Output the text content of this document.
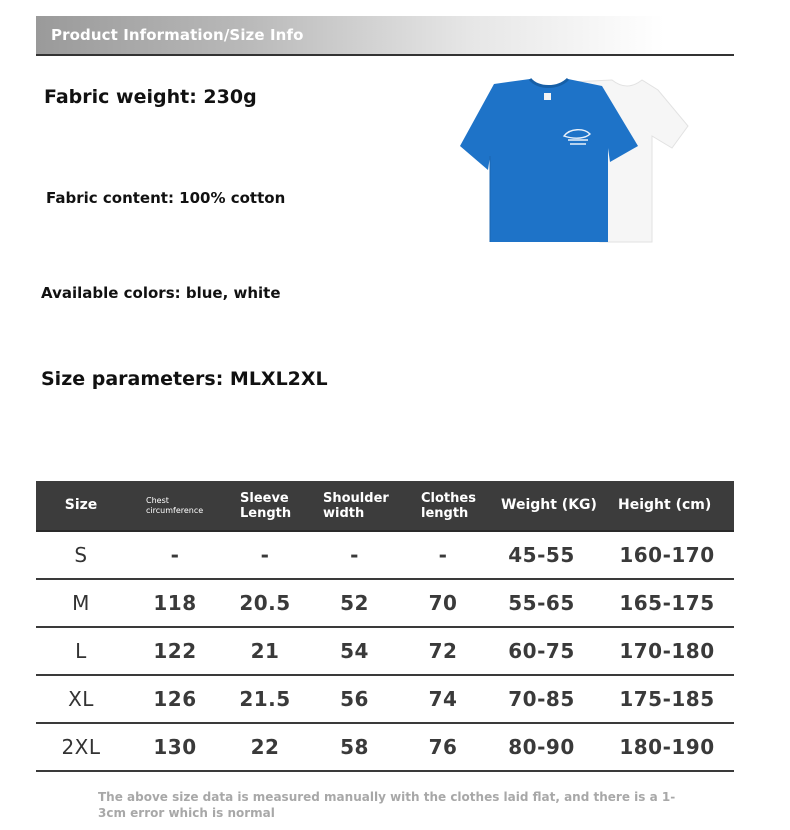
Product Information/Size Info
Fabric weight: 230g
Fabric content: 100% cotton
Available colors: blue, white
Size parameters: MLXL2XL
Size	Chest circumference	Sleeve Length	Shoulder width	Clothes length	Weight (KG)	Height (cm)
S	-	-	-	-	45-55	160-170
M	118	20.5	52	70	55-65	165-175
L	122	21	54	72	60-75	170-180
XL	126	21.5	56	74	70-85	175-185
2XL	130	22	58	76	80-90	180-190
The above size data is measured manually with the clothes laid flat, and there is a 1-3cm error which is normal
